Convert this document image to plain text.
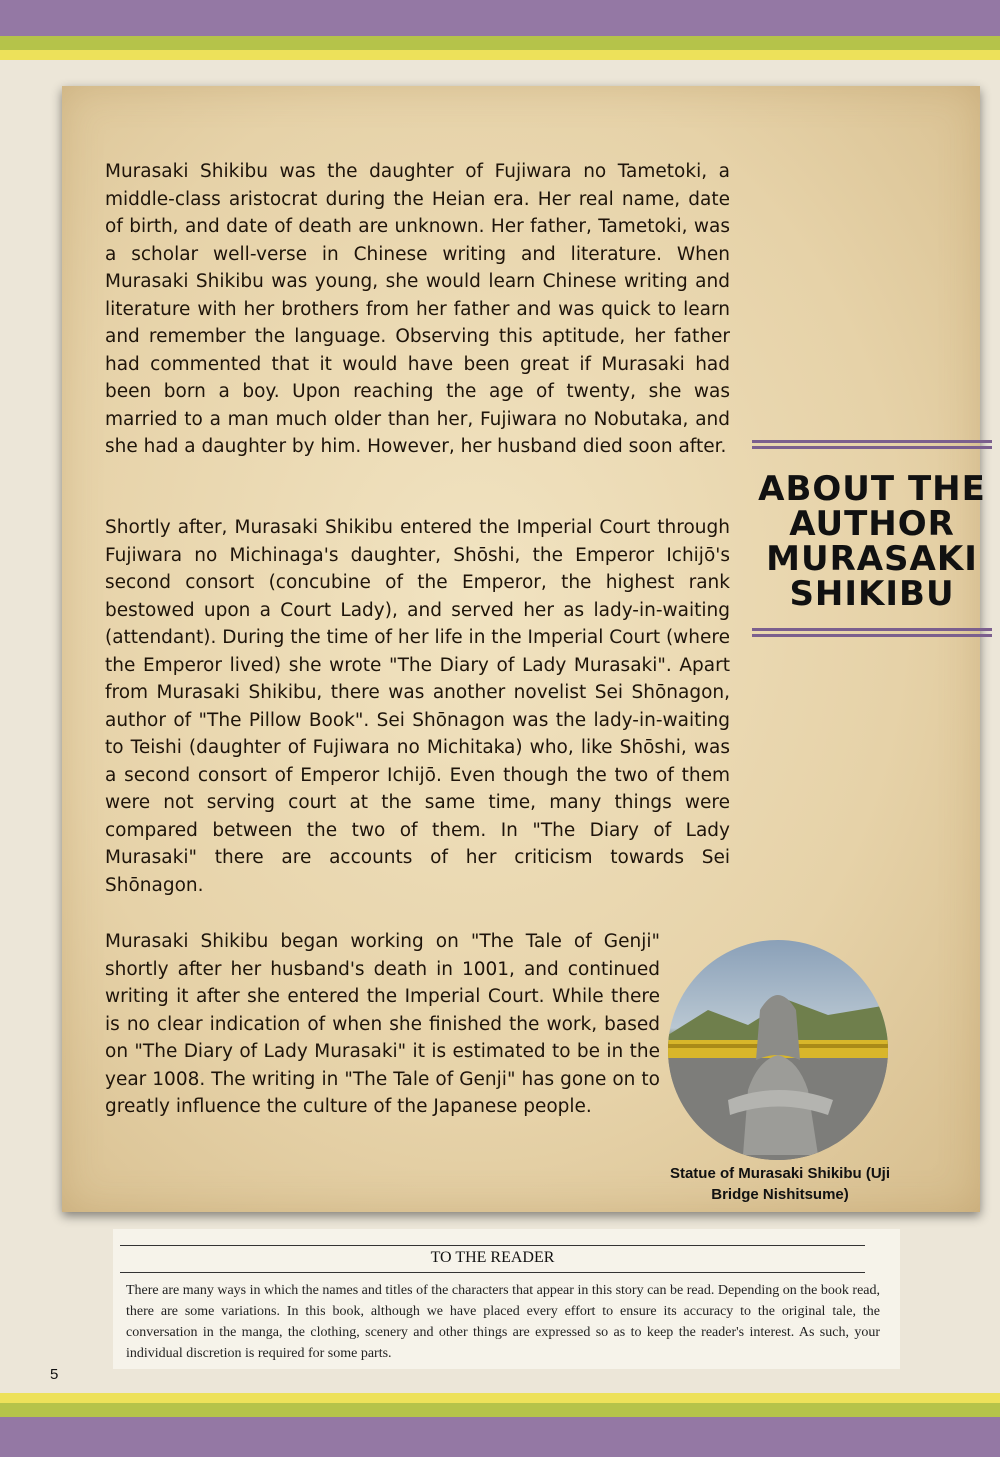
Murasaki Shikibu was the daughter of Fujiwara no Tametoki, a middle-class aristocrat during the Heian era. Her real name, date of birth, and date of death are unknown. Her father, Tametoki, was a scholar well-verse in Chinese writing and literature. When Murasaki Shikibu was young, she would learn Chinese writing and literature with her brothers from her father and was quick to learn and remember the language. Observing this aptitude, her father had commented that it would have been great if Murasaki had been born a boy. Upon reaching the age of twenty, she was married to a man much older than her, Fujiwara no Nobutaka, and she had a daughter by him. However, her husband died soon after.

Shortly after, Murasaki Shikibu entered the Imperial Court through Fujiwara no Michinaga's daughter, Shōshi, the Emperor Ichijō's second consort (concubine of the Emperor, the highest rank bestowed upon a Court Lady), and served her as lady-in-waiting (attendant). During the time of her life in the Imperial Court (where the Emperor lived) she wrote "The Diary of Lady Murasaki". Apart from Murasaki Shikibu, there was another novelist Sei Shōnagon, author of "The Pillow Book". Sei Shōnagon was the lady-in-waiting to Teishi (daughter of Fujiwara no Michitaka) who, like Shōshi, was a second consort of Emperor Ichijō. Even though the two of them were not serving court at the same time, many things were compared between the two of them. In "The Diary of Lady Murasaki" there are accounts of her criticism towards Sei Shōnagon.

Murasaki Shikibu began working on "The Tale of Genji" shortly after her husband's death in 1001, and continued writing it after she entered the Imperial Court. While there is no clear indication of when she finished the work, based on "The Diary of Lady Murasaki" it is estimated to be in the year 1008. The writing in "The Tale of Genji" has gone on to greatly influence the culture of the Japanese people.

ABOUT THE AUTHOR MURASAKI SHIKIBU

Statue of Murasaki Shikibu (Uji Bridge Nishitsume)

TO THE READER

There are many ways in which the names and titles of the characters that appear in this story can be read. Depending on the book read, there are some variations. In this book, although we have placed every effort to ensure its accuracy to the original tale, the conversation in the manga, the clothing, scenery and other things are expressed so as to keep the reader's interest. As such, your individual discretion is required for some parts.

5
